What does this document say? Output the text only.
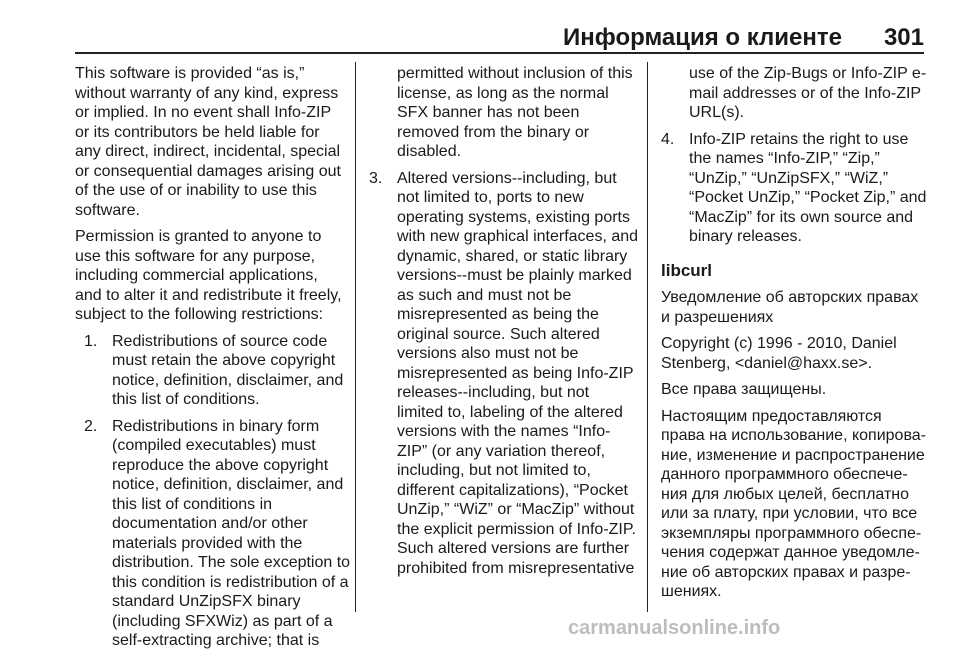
Информация о клиенте 301
This software is provided “as is,”
without warranty of any kind, express
or implied. In no event shall Info-ZIP
or its contributors be held liable for
any direct, indirect, incidental, special
or consequential damages arising out
of the use of or inability to use this
software.
Permission is granted to anyone to
use this software for any purpose,
including commercial applications,
and to alter it and redistribute it freely,
subject to the following restrictions:
1. Redistributions of source code
must retain the above copyright
notice, definition, disclaimer, and
this list of conditions.
2. Redistributions in binary form
(compiled executables) must
reproduce the above copyright
notice, definition, disclaimer, and
this list of conditions in
documentation and/or other
materials provided with the
distribution. The sole exception to
this condition is redistribution of a
standard UnZipSFX binary
(including SFXWiz) as part of a
self-extracting archive; that is
permitted without inclusion of this
license, as long as the normal
SFX banner has not been
removed from the binary or
disabled.
3. Altered versions--including, but
not limited to, ports to new
operating systems, existing ports
with new graphical interfaces, and
dynamic, shared, or static library
versions--must be plainly marked
as such and must not be
misrepresented as being the
original source. Such altered
versions also must not be
misrepresented as being Info-ZIP
releases--including, but not
limited to, labeling of the altered
versions with the names “Info-
ZIP” (or any variation thereof,
including, but not limited to,
different capitalizations), “Pocket
UnZip,” “WiZ” or “MacZip” without
the explicit permission of Info-ZIP.
Such altered versions are further
prohibited from misrepresentative
use of the Zip-Bugs or Info-ZIP e-
mail addresses or of the Info-ZIP
URL(s).
4. Info-ZIP retains the right to use
the names “Info-ZIP,” “Zip,”
“UnZip,” “UnZipSFX,” “WiZ,”
“Pocket UnZip,” “Pocket Zip,” and
“MacZip” for its own source and
binary releases.
libcurl
Уведомление об авторских правах
и разрешениях
Copyright (c) 1996 - 2010, Daniel
Stenberg, <daniel@haxx.se>.
Все права защищены.
Настоящим предоставляются
права на использование, копирова-
ние, изменение и распространение
данного программного обеспече-
ния для любых целей, бесплатно
или за плату, при условии, что все
экземпляры программного обеспе-
чения содержат данное уведомле-
ние об авторских правах и разре-
шениях.
carmanualsonline.info
